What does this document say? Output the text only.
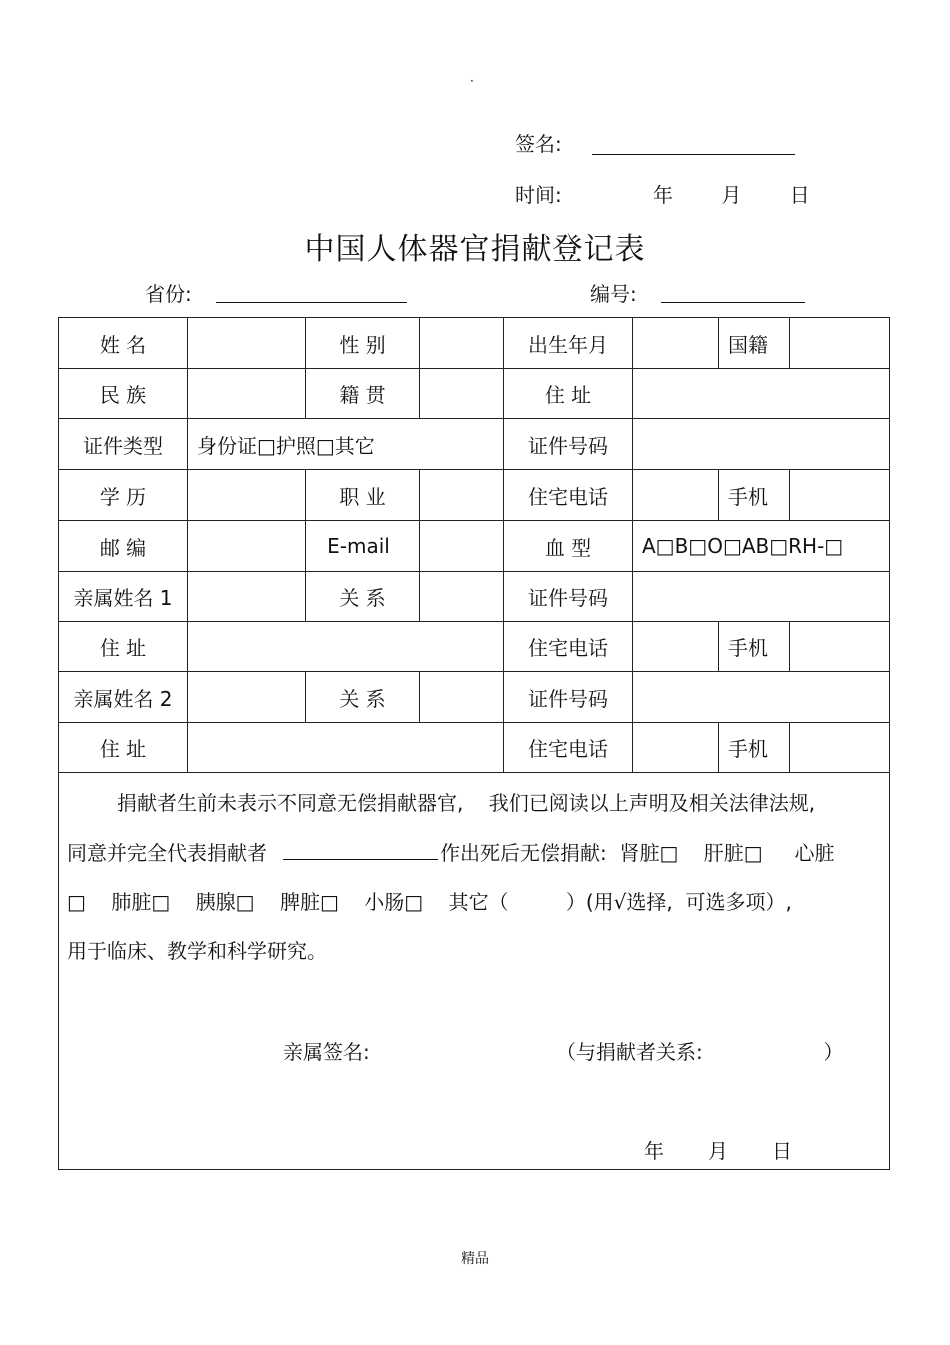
·
签名:
时间:	年 月 日
中国人体器官捐献登记表
省份:	编号:
姓 名	性 别	出生年月	国籍
民 族	籍 贯	住 址
证件类型	身份证□护照□其它	证件号码
学 历	职 业	住宅电话	手机
邮 编	E-mail	血 型	A□B□O□AB□RH-□
亲属姓名 1	关 系	证件号码
住 址	住宅电话	手机
亲属姓名 2	关 系	证件号码
住 址	住宅电话	手机
捐献者生前未表示不同意无偿捐献器官,    我们已阅读以上声明及相关法律法规,
同意并完全代表捐献者	作出死后无偿捐献:  肾脏□    肝脏□     心脏
□    肺脏□    胰腺□    脾脏□    小肠□    其它（         ）(用√选择,  可选多项）,
用于临床、教学和科学研究。
亲属签名:	（与捐献者关系:                   ）
年 月 日
精品
